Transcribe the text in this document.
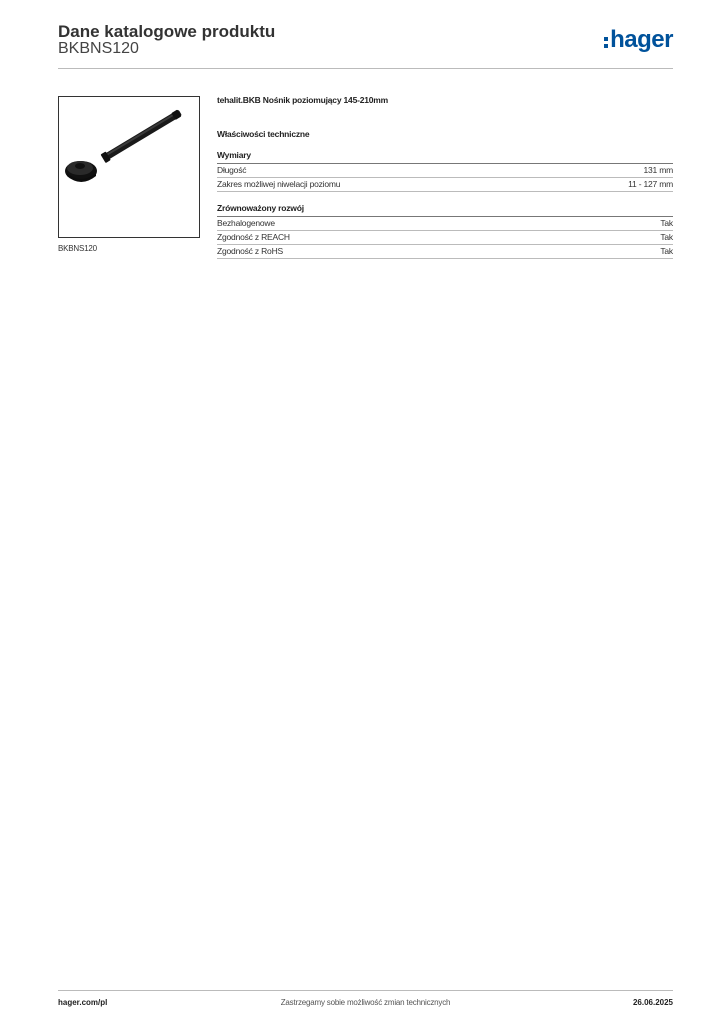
Dane katalogowe produktu
BKBNS120	hager
BKBNS120
tehalit.BKB Nośnik poziomujący 145-210mm
Właściwości techniczne
Wymiary
Długość	131 mm
Zakres możliwej niwelacji poziomu	11 - 127 mm
Zrównoważony rozwój
Bezhalogenowe	Tak
Zgodność z REACH	Tak
Zgodność z RoHS	Tak
hager.com/pl	Zastrzegamy sobie możliwość zmian technicznych	26.06.2025
